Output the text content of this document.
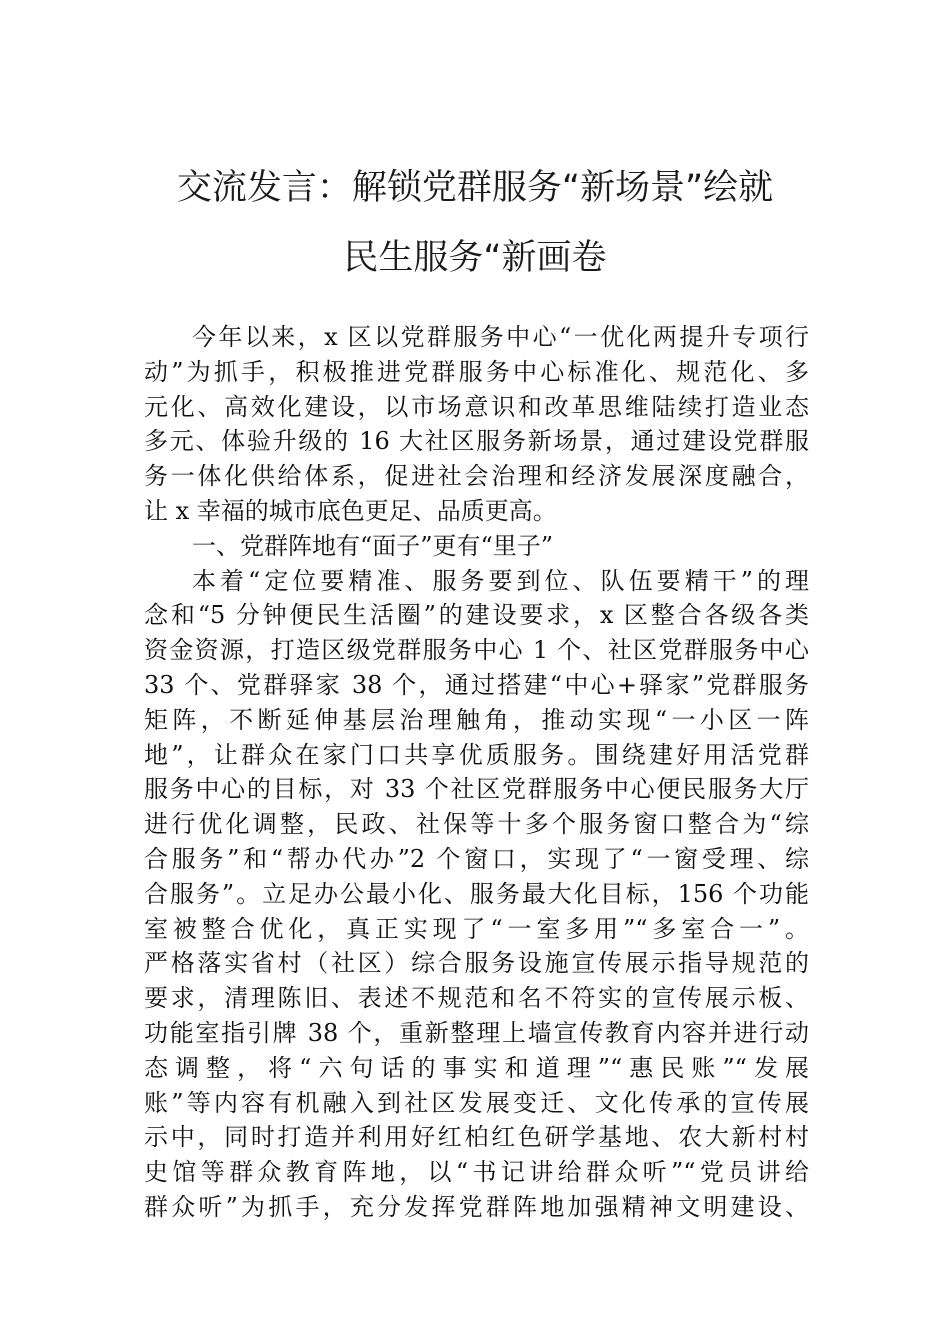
交流发言：解锁党群服务“新场景”绘就
民生服务“新画卷
今年以来，x 区以党群服务中心“一优化两提升专项行
动”为抓手，积极推进党群服务中心标准化、规范化、多
元化、高效化建设，以市场意识和改革思维陆续打造业态
多元、体验升级的 16 大社区服务新场景，通过建设党群服
务一体化供给体系，促进社会治理和经济发展深度融合，
让 x 幸福的城市底色更足、品质更高。
一、党群阵地有“面子”更有“里子”
本着“定位要精准、服务要到位、队伍要精干”的理
念和“5 分钟便民生活圈”的建设要求，x 区整合各级各类
资金资源，打造区级党群服务中心 1 个、社区党群服务中心
33 个、党群驿家 38 个，通过搭建“中心+驿家”党群服务
矩阵，不断延伸基层治理触角，推动实现“一小区一阵
地”，让群众在家门口共享优质服务。围绕建好用活党群
服务中心的目标，对 33 个社区党群服务中心便民服务大厅
进行优化调整，民政、社保等十多个服务窗口整合为“综
合服务”和“帮办代办”2 个窗口，实现了“一窗受理、综
合服务”。立足办公最小化、服务最大化目标，156 个功能
室被整合优化，真正实现了“一室多用”“多室合一”。
严格落实省村（社区）综合服务设施宣传展示指导规范的
要求，清理陈旧、表述不规范和名不符实的宣传展示板、
功能室指引牌 38 个，重新整理上墙宣传教育内容并进行动
态调整，将“六句话的事实和道理”“惠民账”“发展
账”等内容有机融入到社区发展变迁、文化传承的宣传展
示中，同时打造并利用好红柏红色研学基地、农大新村村
史馆等群众教育阵地，以“书记讲给群众听”“党员讲给
群众听”为抓手，充分发挥党群阵地加强精神文明建设、
